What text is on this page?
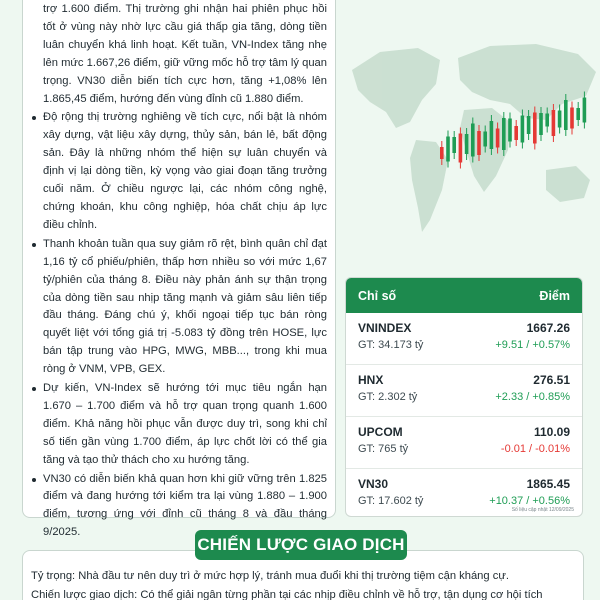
trợ 1.600 điểm. Thị trường ghi nhận hai phiên phục hồi tốt ở vùng này nhờ lực cầu giá thấp gia tăng, dòng tiền luân chuyển khá linh hoạt. Kết tuần, VN-Index tăng nhẹ lên mức 1.667,26 điểm, giữ vững mốc hỗ trợ tâm lý quan trọng. VN30 diễn biến tích cực hơn, tăng +1,08% lên 1.865,45 điểm, hướng đến vùng đỉnh cũ 1.880 điểm.
Độ rộng thị trường nghiêng về tích cực, nổi bật là nhóm xây dựng, vật liệu xây dựng, thủy sản, bán lẻ, bất động sản. Đây là những nhóm thể hiện sự luân chuyển và định vị lại dòng tiền, kỳ vọng vào giai đoạn tăng trưởng cuối năm. Ở chiều ngược lại, các nhóm công nghệ, chứng khoán, khu công nghiệp, hóa chất chịu áp lực điều chỉnh.
Thanh khoản tuần qua suy giảm rõ rệt, bình quân chỉ đạt 1,16 tỷ cổ phiếu/phiên, thấp hơn nhiều so với mức 1,67 tỷ/phiên của tháng 8. Điều này phản ánh sự thận trọng của dòng tiền sau nhịp tăng mạnh và giảm sâu liên tiếp đầu tháng. Đáng chú ý, khối ngoại tiếp tục bán ròng quyết liệt với tổng giá trị -5.083 tỷ đồng trên HOSE, lực bán tập trung vào HPG, MWG, MBB..., trong khi mua ròng ở VNM, VPB, GEX.
Dự kiến, VN-Index sẽ hướng tới mục tiêu ngắn hạn 1.670 – 1.700 điểm và hỗ trợ quan trọng quanh 1.600 điểm. Khả năng hồi phục vẫn được duy trì, song khi chỉ số tiến gần vùng 1.700 điểm, áp lực chốt lời có thể gia tăng và tạo thử thách cho xu hướng tăng.
VN30 có diễn biến khả quan hơn khi giữ vững trên 1.825 điểm và đang hướng tới kiểm tra lại vùng 1.880 – 1.900 điểm, tương ứng với đỉnh cũ tháng 8 và đầu tháng 9/2025.
Chỉ số	Điểm
VNINDEX
GT: 34.173 tỷ
1667.26
+9.51 / +0.57%
HNX
GT: 2.302 tỷ
276.51
+2.33 / +0.85%
UPCOM
GT: 765 tỷ
110.09
-0.01 / -0.01%
VN30
GT: 17.602 tỷ
1865.45
+10.37 / +0.56%
Số liệu cập nhật 12/09/2025
CHIẾN LƯỢC GIAO DỊCH

Tỷ trọng: Nhà đầu tư nên duy trì ở mức hợp lý, tránh mua đuổi khi thị trường tiệm cận kháng cự.

Chiến lược giao dịch: Có thể giải ngân từng phần tại các nhịp điều chỉnh về hỗ trợ, tận dụng cơ hội tích
